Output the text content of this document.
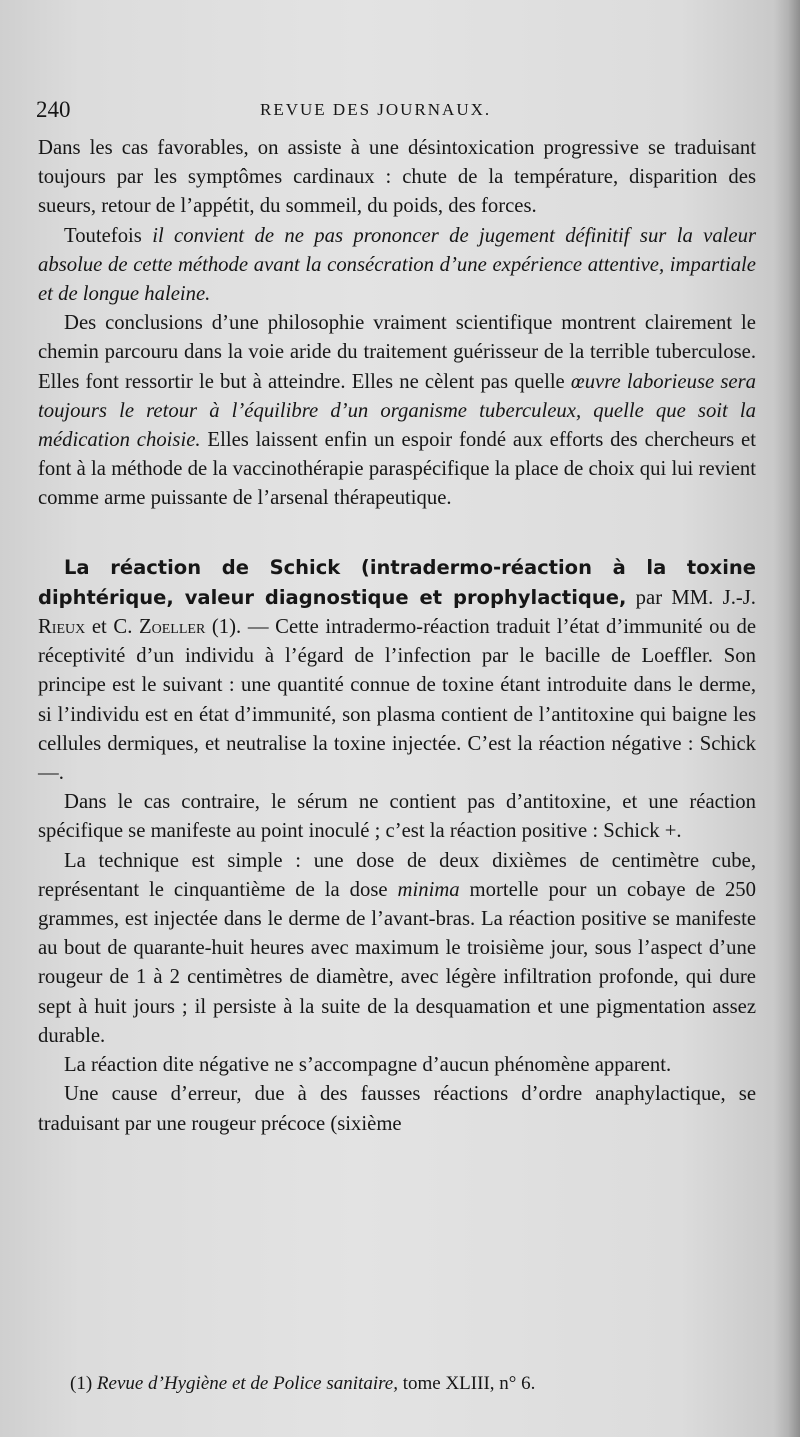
240	REVUE DES JOURNAUX.

Dans les cas favorables, on assiste à une désintoxication progressive se traduisant toujours par les symptômes cardinaux : chute de la température, disparition des sueurs, retour de l’appétit, du sommeil, du poids, des forces.

Toutefois il convient de ne pas prononcer de jugement définitif sur la valeur absolue de cette méthode avant la consécration d’une expérience attentive, impartiale et de longue haleine.

Des conclusions d’une philosophie vraiment scientifique montrent clairement le chemin parcouru dans la voie aride du traitement guérisseur de la terrible tuberculose. Elles font ressortir le but à atteindre. Elles ne cèlent pas quelle œuvre laborieuse sera toujours le retour à l’équilibre d’un organisme tuberculeux, quelle que soit la médication choisie. Elles laissent enfin un espoir fondé aux efforts des chercheurs et font à la méthode de la vaccinothérapie paraspécifique la place de choix qui lui revient comme arme puissante de l’arsenal thérapeutique.

La réaction de Schick (intradermo-réaction à la toxine diphtérique, valeur diagnostique et prophylactique, par MM. J.-J. Rieux et C. Zoeller (1). — Cette intradermo-réaction traduit l’état d’immunité ou de réceptivité d’un individu à l’égard de l’infection par le bacille de Loeffler. Son principe est le suivant : une quantité connue de toxine étant introduite dans le derme, si l’individu est en état d’immunité, son plasma contient de l’antitoxine qui baigne les cellules dermiques, et neutralise la toxine injectée. C’est la réaction négative : Schick —.

Dans le cas contraire, le sérum ne contient pas d’antitoxine, et une réaction spécifique se manifeste au point inoculé ; c’est la réaction positive : Schick +.

La technique est simple : une dose de deux dixièmes de centimètre cube, représentant le cinquantième de la dose minima mortelle pour un cobaye de 250 grammes, est injectée dans le derme de l’avant-bras. La réaction positive se manifeste au bout de quarante-huit heures avec maximum le troisième jour, sous l’aspect d’une rougeur de 1 à 2 centimètres de diamètre, avec légère infiltration profonde, qui dure sept à huit jours ; il persiste à la suite de la desquamation et une pigmentation assez durable.

La réaction dite négative ne s’accompagne d’aucun phénomène apparent.

Une cause d’erreur, due à des fausses réactions d’ordre anaphylactique, se traduisant par une rougeur précoce (sixième

(1) Revue d’Hygiène et de Police sanitaire, tome XLIII, n° 6.
